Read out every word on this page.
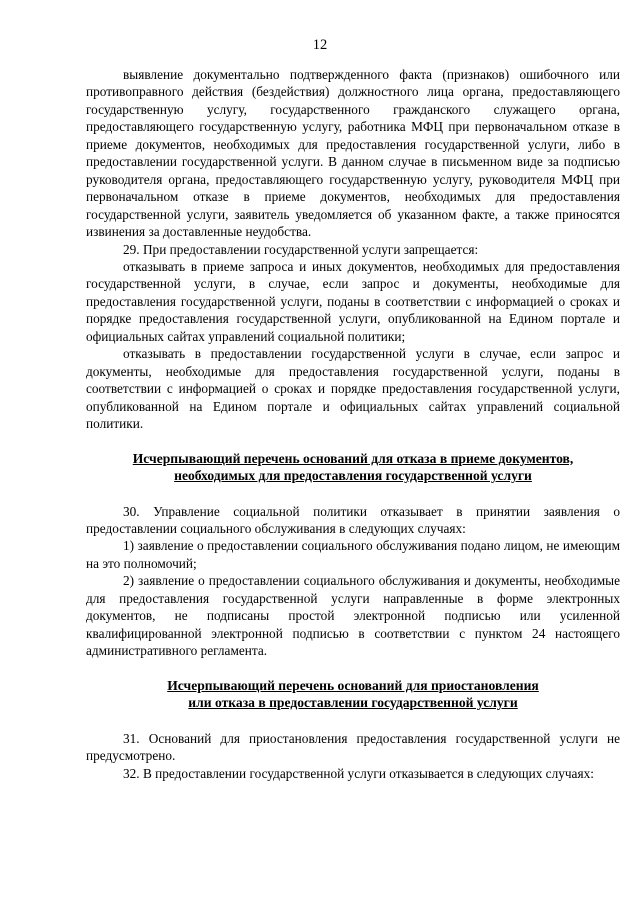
12

выявление документально подтвержденного факта (признаков) ошибочного или противоправного действия (бездействия) должностного лица органа, предоставляющего государственную услугу, государственного гражданского служащего органа, предоставляющего государственную услугу, работника МФЦ при первоначальном отказе в приеме документов, необходимых для предоставления государственной услуги, либо в предоставлении государственной услуги. В данном случае в письменном виде за подписью руководителя органа, предоставляющего государственную услугу, руководителя МФЦ при первоначальном отказе в приеме документов, необходимых для предоставления государственной услуги, заявитель уведомляется об указанном факте, а также приносятся извинения за доставленные неудобства.

29. При предоставлении государственной услуги запрещается:

отказывать в приеме запроса и иных документов, необходимых для предоставления государственной услуги, в случае, если запрос и документы, необходимые для предоставления государственной услуги, поданы в соответствии с информацией о сроках и порядке предоставления государственной услуги, опубликованной на Едином портале и официальных сайтах управлений социальной политики;

отказывать в предоставлении государственной услуги в случае, если запрос и документы, необходимые для предоставления государственной услуги, поданы в соответствии с информацией о сроках и порядке предоставления государственной услуги, опубликованной на Едином портале и официальных сайтах управлений социальной политики.

Исчерпывающий перечень оснований для отказа в приеме документов,
необходимых для предоставления государственной услуги

30. Управление социальной политики отказывает в принятии заявления о предоставлении социального обслуживания в следующих случаях:

1) заявление о предоставлении социального обслуживания подано лицом, не имеющим на это полномочий;

2) заявление о предоставлении социального обслуживания и документы, необходимые для предоставления государственной услуги направленные в форме электронных документов, не подписаны простой электронной подписью или усиленной квалифицированной электронной подписью в соответствии с пунктом 24 настоящего административного регламента.

Исчерпывающий перечень оснований для приостановления
или отказа в предоставлении государственной услуги

31. Оснований для приостановления предоставления государственной услуги не предусмотрено.

32. В предоставлении государственной услуги отказывается в следующих случаях:
